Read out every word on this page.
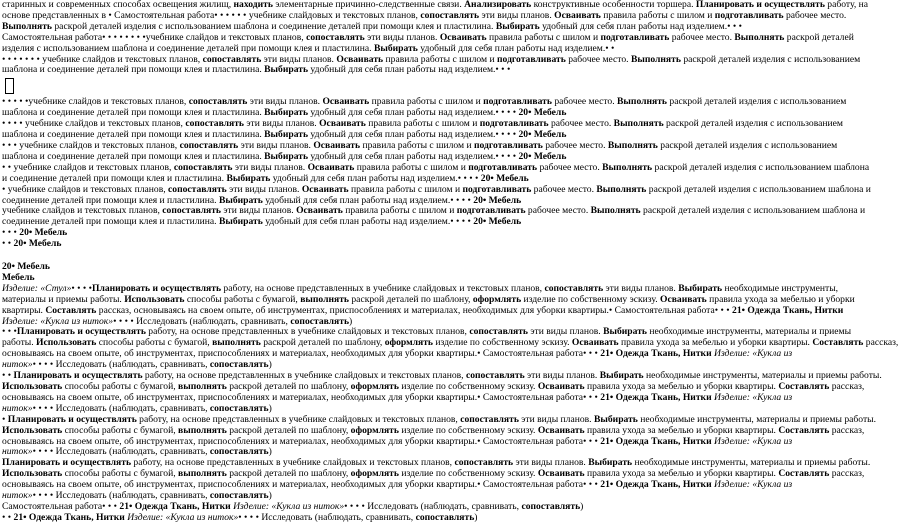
старинных и современных способах освещения жилищ, находить элементарные причинно-следственные связи. Анализировать конструктивные особенности торшера. Планировать и осуществлять работу, на
основе представленных в • Самостоятельная работа• • • • • • учебнике слайдовых и текстовых планов, сопоставлять эти виды планов. Осваивать правила работы с шилом и подготавливать рабочее место.
Выполнять раскрой деталей изделия с использованием шаблона и соединение деталей при помощи клея и пластилина. Выбирать удобный для себя план работы над изделием.• • •
Самостоятельная работа• • • • • • • •учебнике слайдов и текстовых планов, сопоставлять эти виды планов. Осваивать правила работы с шилом и подготавливать рабочее место. Выполнять раскрой деталей
изделия с использованием шаблона и соединение деталей при помощи клея и пластилина. Выбирать удобный для себя план работы над изделием.• •
• • • • • • • учебнике слайдов и текстовых планов, сопоставлять эти виды планов. Осваивать правила работы с шилом и подготавливать рабочее место. Выполнять раскрой деталей изделия с использованием
шаблона и соединение деталей при помощи клея и пластилина. Выбирать удобный для себя план работы над изделием.• • •
• • • • •учебнике слайдов и текстовых планов, сопоставлять эти виды планов. Осваивать правила работы с шилом и подготавливать рабочее место. Выполнять раскрой деталей изделия с использованием
шаблона и соединение деталей при помощи клея и пластилина. Выбирать удобный для себя план работы над изделием.• • • • 20• Мебель
• • • • учебнике слайдов и текстовых планов, сопоставлять эти виды планов. Осваивать правила работы с шилом и подготавливать рабочее место. Выполнять раскрой деталей изделия с использованием
шаблона и соединение деталей при помощи клея и пластилина. Выбирать удобный для себя план работы над изделием.• • • • 20• Мебель
• • • учебнике слайдов и текстовых планов, сопоставлять эти виды планов. Осваивать правила работы с шилом и подготавливать рабочее место. Выполнять раскрой деталей изделия с использованием
шаблона и соединение деталей при помощи клея и пластилина. Выбирать удобный для себя план работы над изделием.• • • • 20• Мебель
• • учебнике слайдов и текстовых планов, сопоставлять эти виды планов. Осваивать правила работы с шилом и подготавливать рабочее место. Выполнять раскрой деталей изделия с использованием шаблона
и соединение деталей при помощи клея и пластилина. Выбирать удобный для себя план работы над изделием.• • • • 20• Мебель
• учебнике слайдов и текстовых планов, сопоставлять эти виды планов. Осваивать правила работы с шилом и подготавливать рабочее место. Выполнять раскрой деталей изделия с использованием шаблона и
соединение деталей при помощи клея и пластилина. Выбирать удобный для себя план работы над изделием.• • • • 20• Мебель
учебнике слайдов и текстовых планов, сопоставлять эти виды планов. Осваивать правила работы с шилом и подготавливать рабочее место. Выполнять раскрой деталей изделия с использованием шаблона и
соединение деталей при помощи клея и пластилина. Выбирать удобный для себя план работы над изделием.• • • • 20• Мебель
• • • 20• Мебель
• • 20• Мебель
20• Мебель
Мебель
Изделие: «Стул»• • • •Планировать и осуществлять работу, на основе представленных в учебнике слайдовых и текстовых планов, сопоставлять эти виды планов. Выбирать необходимые инструменты,
материалы и приемы работы. Использовать способы работы с бумагой, выполнять раскрой деталей по шаблону, оформлять изделие по собственному эскизу. Осваивать правила ухода за мебелью и уборки
квартиры. Составлять рассказ, основываясь на своем опыте, об инструментах, приспособлениях и материалах, необходимых для уборки квартиры.• Самостоятельная работа• • • 21• Одежда Ткань, Нитки
Изделие: «Кукла из ниток»• • • • Исследовать (наблюдать, сравнивать, сопоставлять)
• • •Планировать и осуществлять работу, на основе представленных в учебнике слайдовых и текстовых планов, сопоставлять эти виды планов. Выбирать необходимые инструменты, материалы и приемы
работы. Использовать способы работы с бумагой, выполнять раскрой деталей по шаблону, оформлять изделие по собственному эскизу. Осваивать правила ухода за мебелью и уборки квартиры. Составлять рассказ,
основываясь на своем опыте, об инструментах, приспособлениях и материалах, необходимых для уборки квартиры.• Самостоятельная работа• • • 21• Одежда Ткань, Нитки Изделие: «Кукла из
ниток»• • • • Исследовать (наблюдать, сравнивать, сопоставлять)
• • Планировать и осуществлять работу, на основе представленных в учебнике слайдовых и текстовых планов, сопоставлять эти виды планов. Выбирать необходимые инструменты, материалы и приемы работы.
Использовать способы работы с бумагой, выполнять раскрой деталей по шаблону, оформлять изделие по собственному эскизу. Осваивать правила ухода за мебелью и уборки квартиры. Составлять рассказ,
основываясь на своем опыте, об инструментах, приспособлениях и материалах, необходимых для уборки квартиры.• Самостоятельная работа• • • 21• Одежда Ткань, Нитки Изделие: «Кукла из
ниток»• • • • Исследовать (наблюдать, сравнивать, сопоставлять)
• Планировать и осуществлять работу, на основе представленных в учебнике слайдовых и текстовых планов, сопоставлять эти виды планов. Выбирать необходимые инструменты, материалы и приемы работы.
Использовать способы работы с бумагой, выполнять раскрой деталей по шаблону, оформлять изделие по собственному эскизу. Осваивать правила ухода за мебелью и уборки квартиры. Составлять рассказ,
основываясь на своем опыте, об инструментах, приспособлениях и материалах, необходимых для уборки квартиры.• Самостоятельная работа• • • 21• Одежда Ткань, Нитки Изделие: «Кукла из
ниток»• • • • Исследовать (наблюдать, сравнивать, сопоставлять)
Планировать и осуществлять работу, на основе представленных в учебнике слайдовых и текстовых планов, сопоставлять эти виды планов. Выбирать необходимые инструменты, материалы и приемы работы.
Использовать способы работы с бумагой, выполнять раскрой деталей по шаблону, оформлять изделие по собственному эскизу. Осваивать правила ухода за мебелью и уборки квартиры. Составлять рассказ,
основываясь на своем опыте, об инструментах, приспособлениях и материалах, необходимых для уборки квартиры.• Самостоятельная работа• • • 21• Одежда Ткань, Нитки Изделие: «Кукла из
ниток»• • • • Исследовать (наблюдать, сравнивать, сопоставлять)
Самостоятельная работа• • • 21• Одежда Ткань, Нитки Изделие: «Кукла из ниток»• • • • Исследовать (наблюдать, сравнивать, сопоставлять)
• • 21• Одежда Ткань, Нитки Изделие: «Кукла из ниток»• • • • Исследовать (наблюдать, сравнивать, сопоставлять)
